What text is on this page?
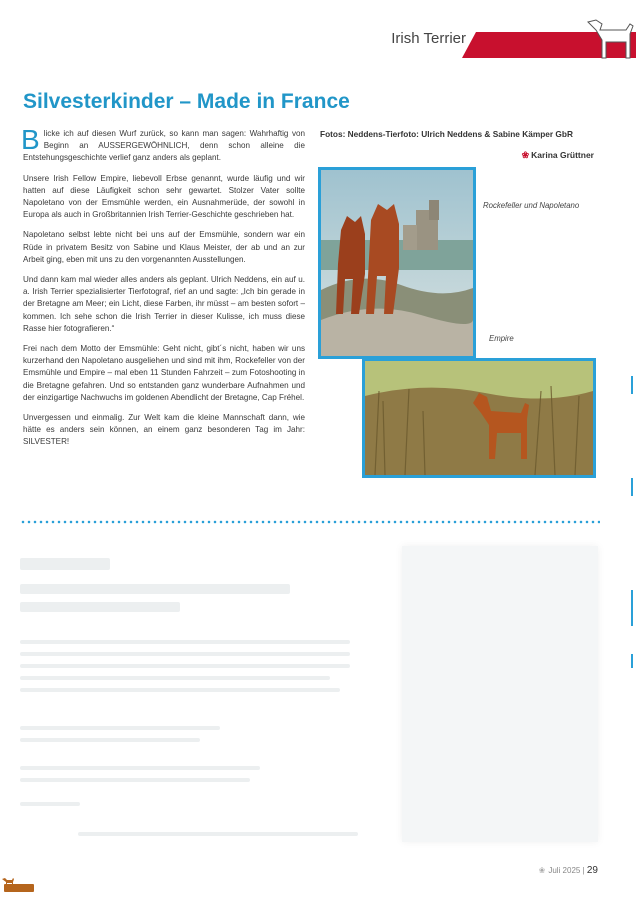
Irish Terrier
Silvesterkinder – Made in France

Blicke ich auf diesen Wurf zurück, so kann man sagen: Wahrhaftig von Beginn an AUSSERGEWÖHNLICH, denn schon alleine die Entstehungsgeschichte verlief ganz anders als geplant.

Unsere Irish Fellow Empire, liebevoll Erbse genannt, wurde läufig und wir hatten auf diese Läufigkeit schon sehr gewartet. Stolzer Vater sollte Napoletano von der Emsmühle werden, ein Ausnahmerüde, der sowohl in Europa als auch in Großbritannien Irish Terrier-Geschichte geschrieben hat.

Napoletano selbst lebte nicht bei uns auf der Emsmühle, sondern war ein Rüde in privatem Besitz von Sabine und Klaus Meister, der ab und an zur Arbeit ging, eben mit uns zu den vorgenannten Ausstellungen.

Und dann kam mal wieder alles anders als geplant. Ulrich Neddens, ein auf u. a. Irish Terrier spezialisierter Tierfotograf, rief an und sagte: „Ich bin gerade in der Bretagne am Meer; ein Licht, diese Farben, ihr müsst – am besten sofort – kommen. Ich sehe schon die Irish Terrier in dieser Kulisse, ich muss diese Rasse hier fotografieren.“

Frei nach dem Motto der Emsmühle: Geht nicht, gibt´s nicht, haben wir uns kurzerhand den Napoletano ausgeliehen und sind mit ihm, Rockefeller von der Emsmühle und Empire – mal eben 11 Stunden Fahrzeit – zum Fotoshooting in die Bretagne gefahren. Und so entstanden ganz wunderbare Aufnahmen und der einzigartige Nachwuchs im goldenen Abendlicht der Bretagne, Cap Fréhel.

Unvergessen und einmalig. Zur Welt kam die kleine Mannschaft dann, wie hätte es anders sein können, an einem ganz besonderen Tag im Jahr: SILVESTER!

Fotos: Neddens-Tierfoto: Ulrich Neddens & Sabine Kämper GbR
❀ Karina Grüttner
Rockefeller und Napoletano
Empire
❀ Juli 2025 | 29
